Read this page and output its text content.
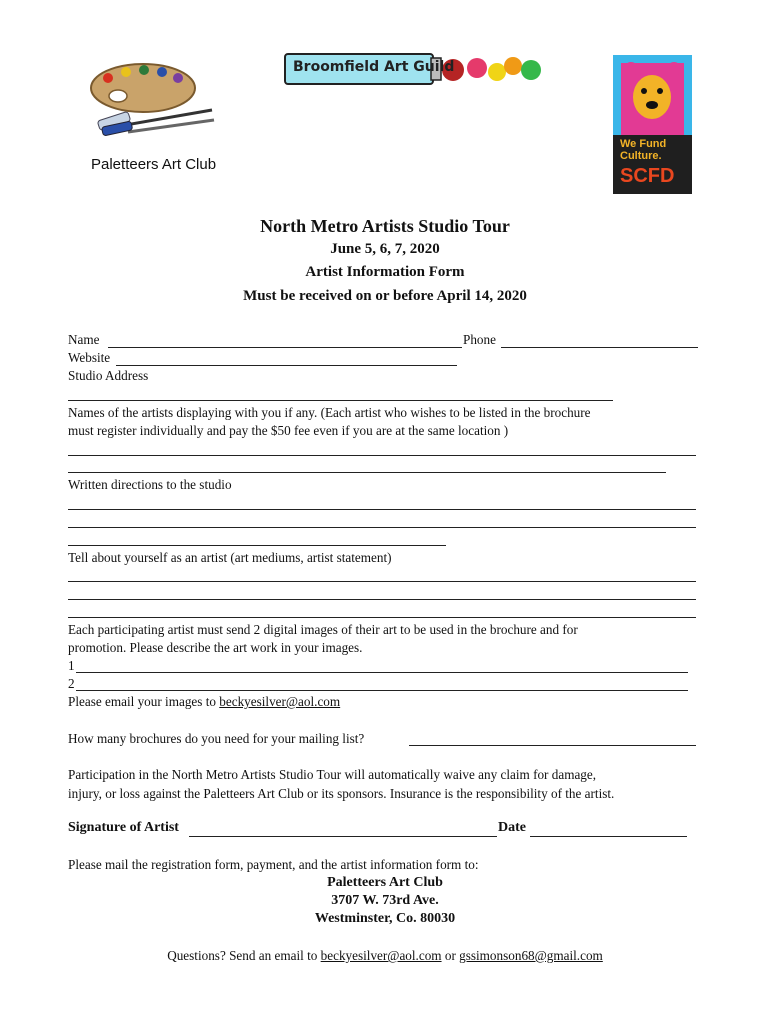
Paletteers Art Club
Broomfield Art Guild
We Fund
Culture.
SCFD
North Metro Artists Studio Tour
June 5, 6, 7, 2020
Artist Information Form
Must be received on or before April 14, 2020
Name	Phone
Website
Studio Address
Names of the artists displaying with you if any. (Each artist who wishes to be listed in the brochure
must register individually and pay the $50 fee even if you are at the same location )
Written directions to the studio
Tell about yourself as an artist (art mediums, artist statement)
Each participating artist must send 2 digital images of their art to be used in the brochure and for
promotion. Please describe the art work in your images.
1
2
Please email your images to beckyesilver@aol.com
How many brochures do you need for your mailing list?
Participation in the North Metro Artists Studio Tour will automatically waive any claim for damage,
injury, or loss against the Paletteers Art Club or its sponsors. Insurance is the responsibility of the artist.
Signature of Artist	Date
Please mail the registration form, payment, and the artist information form to:
Paletteers Art Club
3707 W. 73rd Ave.
Westminster, Co. 80030
Questions? Send an email to beckyesilver@aol.com or gssimonson68@gmail.com
